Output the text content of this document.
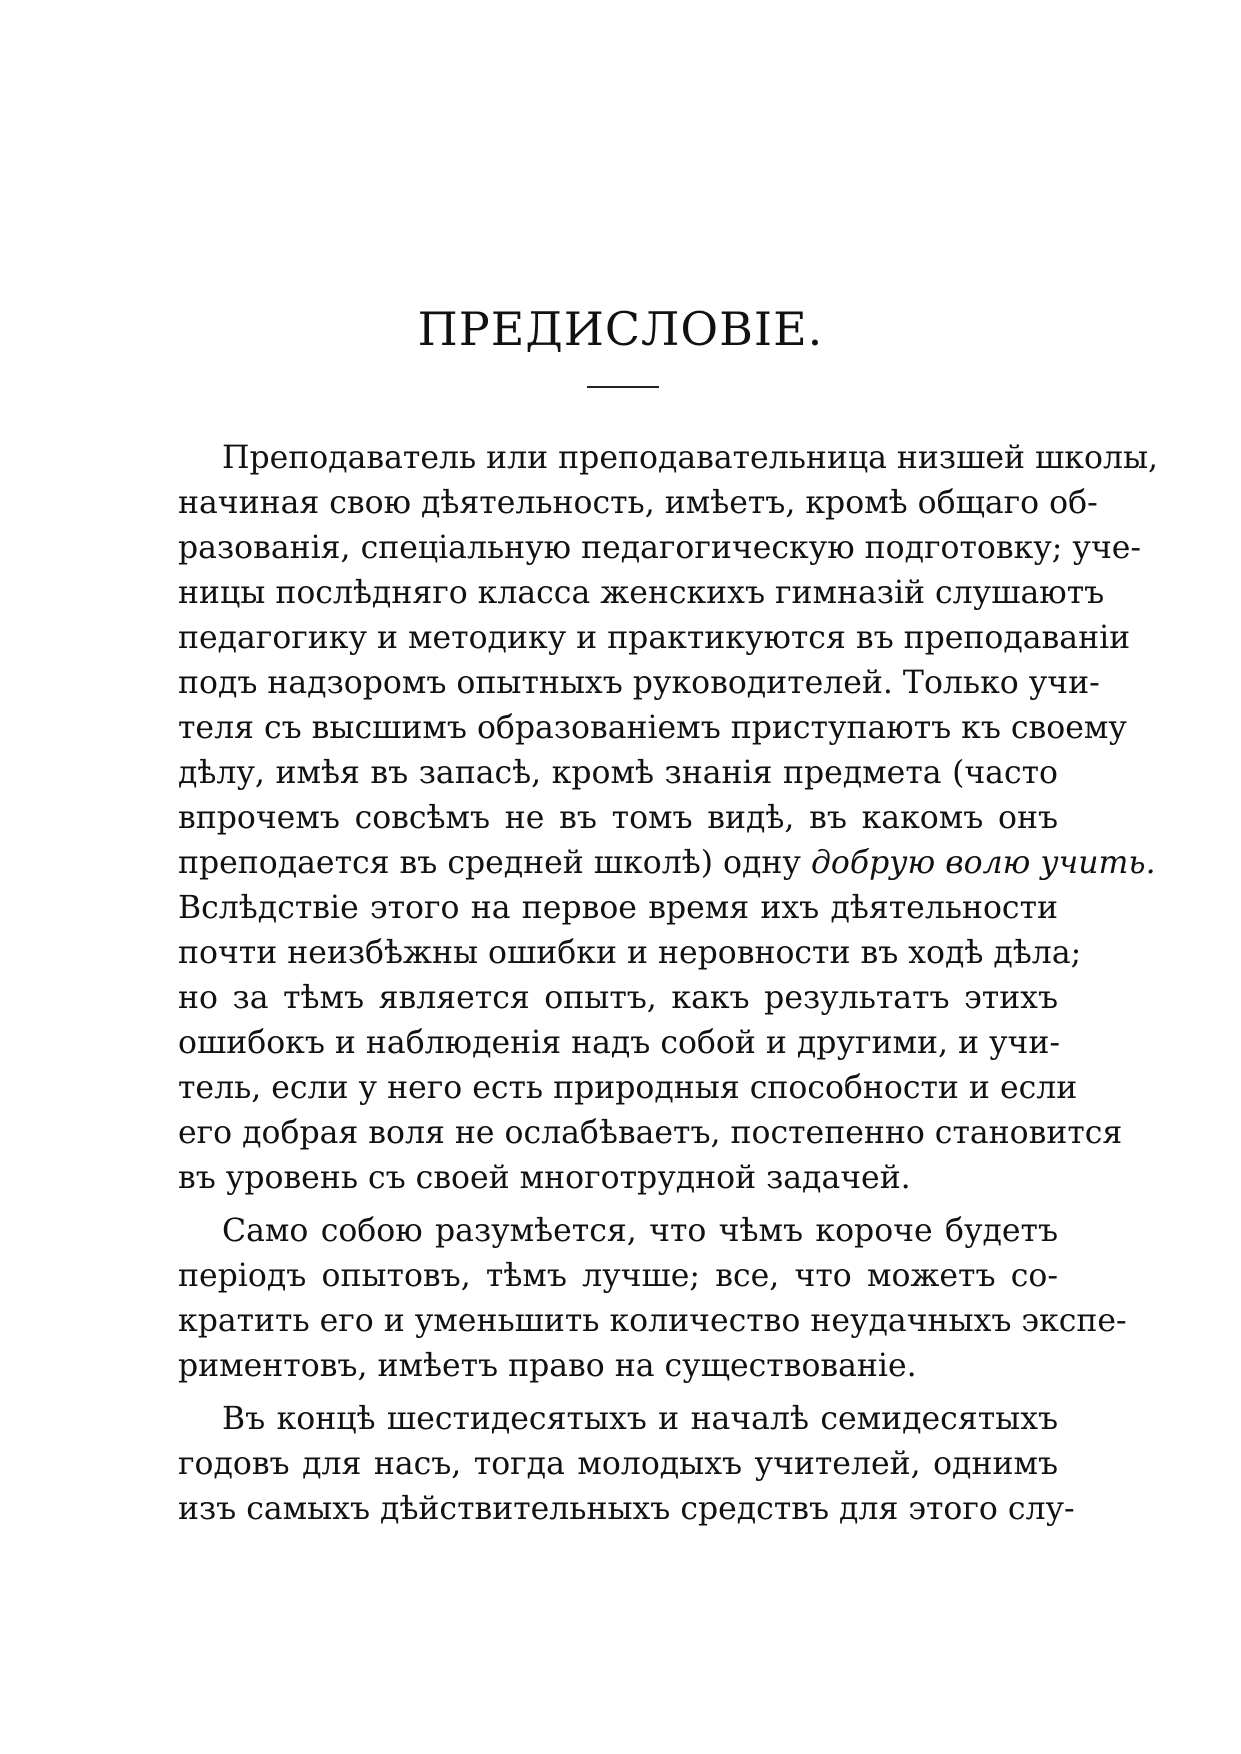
ПРЕДИСЛОВІЕ.
Преподаватель или преподавательница низшей школы,
начиная свою дѣятельность, имѣетъ, кромѣ общаго об-
разованія, спеціальную педагогическую подготовку; уче-
ницы послѣдняго класса женскихъ гимназій слушаютъ
педагогику и методику и практикуются въ преподаваніи
подъ надзоромъ опытныхъ руководителей. Только учи-
теля съ высшимъ образованіемъ приступаютъ къ своему
дѣлу, имѣя въ запасѣ, кромѣ знанія предмета (часто
впрочемъ совсѣмъ не въ томъ видѣ, въ какомъ онъ
преподается въ средней школѣ) одну добрую волю учить.
Вслѣдствіе этого на первое время ихъ дѣятельности
почти неизбѣжны ошибки и неровности въ ходѣ дѣла;
но за тѣмъ является опытъ, какъ результатъ этихъ
ошибокъ и наблюденія надъ собой и другими, и учи-
тель, если у него есть природныя способности и если
его добрая воля не ослабѣваетъ, постепенно становится
въ уровень съ своей многотрудной задачей.
Само собою разумѣется, что чѣмъ короче будетъ
періодъ опытовъ, тѣмъ лучше; все, что можетъ со-
кратить его и уменьшить количество неудачныхъ экспе-
риментовъ, имѣетъ право на существованіе.
Въ концѣ шестидесятыхъ и началѣ семидесятыхъ
годовъ для насъ, тогда молодыхъ учителей, однимъ
изъ самыхъ дѣйствительныхъ средствъ для этого слу-
